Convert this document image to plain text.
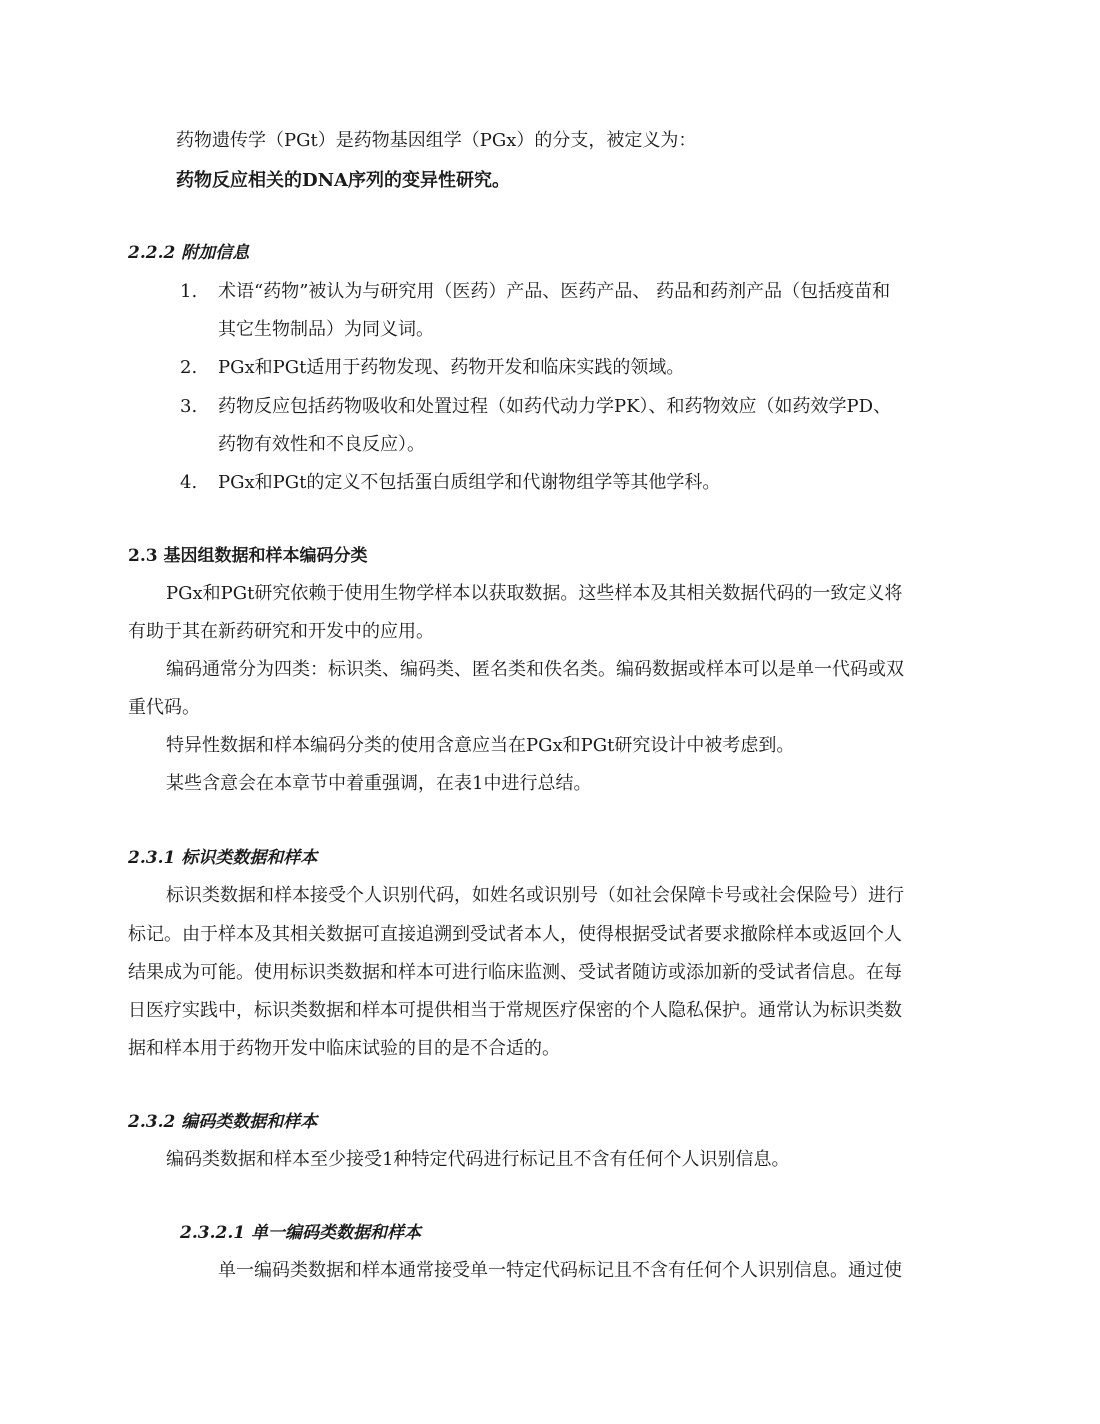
药物遗传学（PGt）是药物基因组学（PGx）的分支，被定义为：
药物反应相关的DNA序列的变异性研究。
2.2.2 附加信息
1. 术语“药物”被认为与研究用（医药）产品、医药产品、 药品和药剂产品（包括疫苗和
其它生物制品）为同义词。
2. PGx和PGt适用于药物发现、药物开发和临床实践的领域。
3. 药物反应包括药物吸收和处置过程（如药代动力学PK）、和药物效应（如药效学PD、
药物有效性和不良反应）。
4. PGx和PGt的定义不包括蛋白质组学和代谢物组学等其他学科。
2.3 基因组数据和样本编码分类
PGx和PGt研究依赖于使用生物学样本以获取数据。这些样本及其相关数据代码的一致定义将
有助于其在新药研究和开发中的应用。
编码通常分为四类：标识类、编码类、匿名类和佚名类。编码数据或样本可以是单一代码或双
重代码。
特异性数据和样本编码分类的使用含意应当在PGx和PGt研究设计中被考虑到。
某些含意会在本章节中着重强调，在表1中进行总结。
2.3.1 标识类数据和样本
标识类数据和样本接受个人识别代码，如姓名或识别号（如社会保障卡号或社会保险号）进行
标记。由于样本及其相关数据可直接追溯到受试者本人，使得根据受试者要求撤除样本或返回个人
结果成为可能。使用标识类数据和样本可进行临床监测、受试者随访或添加新的受试者信息。在每
日医疗实践中，标识类数据和样本可提供相当于常规医疗保密的个人隐私保护。通常认为标识类数
据和样本用于药物开发中临床试验的目的是不合适的。
2.3.2 编码类数据和样本
编码类数据和样本至少接受1种特定代码进行标记且不含有任何个人识别信息。
2.3.2.1 单一编码类数据和样本
单一编码类数据和样本通常接受单一特定代码标记且不含有任何个人识别信息。通过使
